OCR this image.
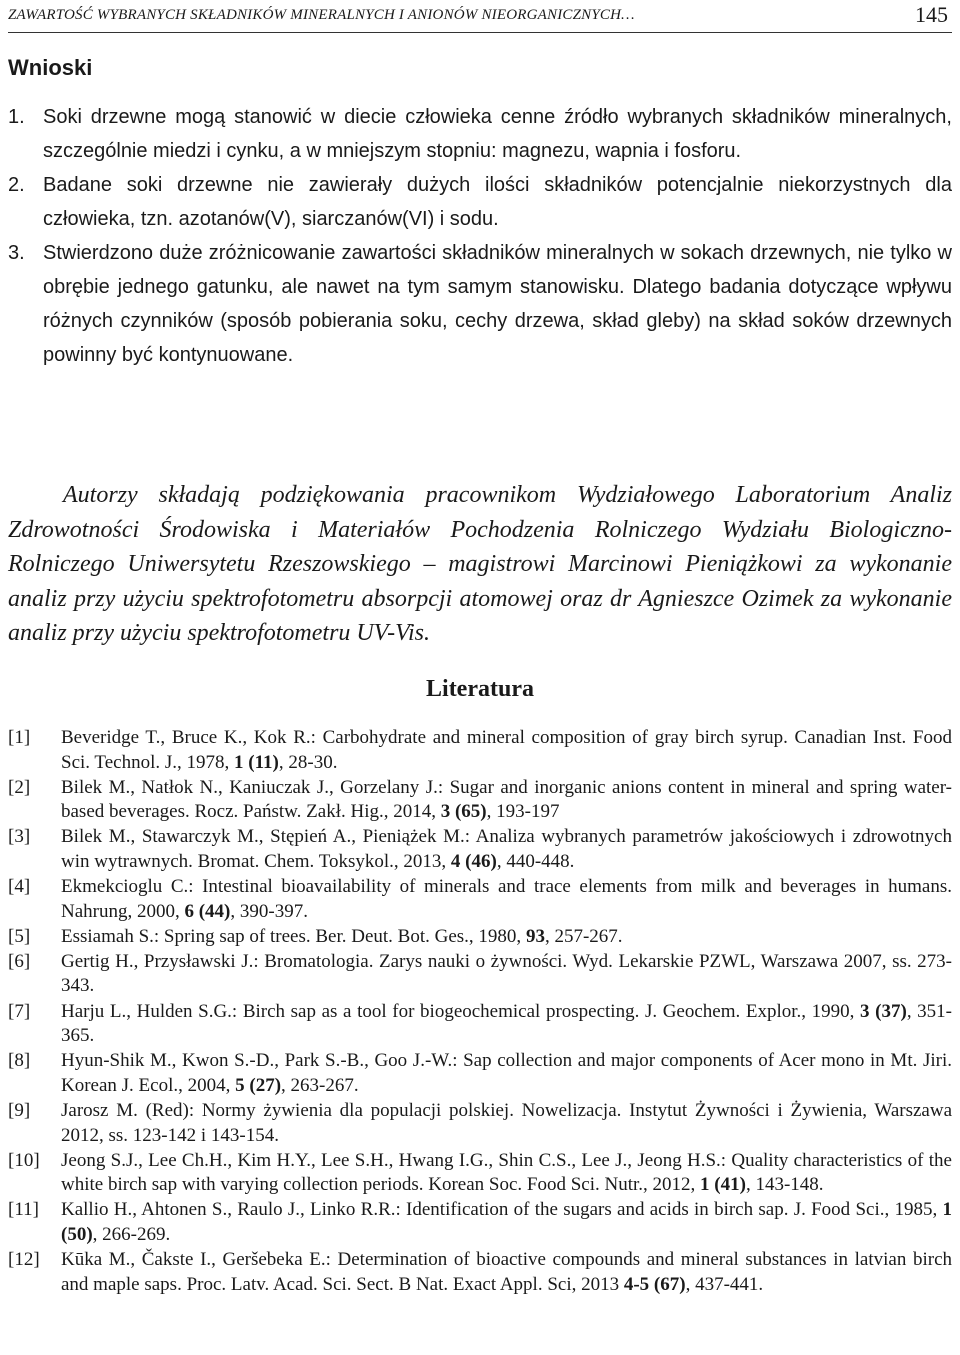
ZAWARTOŚĆ WYBRANYCH SKŁADNIKÓW MINERALNYCH I ANIONÓW NIEORGANICZNYCH…	145
Wnioski
1. Soki drzewne mogą stanowić w diecie człowieka cenne źródło wybranych składników mineralnych, szczególnie miedzi i cynku, a w mniejszym stopniu: magnezu, wapnia i fosforu.
2. Badane soki drzewne nie zawierały dużych ilości składników potencjalnie niekorzystnych dla człowieka, tzn. azotanów(V), siarczanów(VI) i sodu.
3. Stwierdzono duże zróżnicowanie zawartości składników mineralnych w sokach drzewnych, nie tylko w obrębie jednego gatunku, ale nawet na tym samym stanowisku. Dlatego badania dotyczące wpływu różnych czynników (sposób pobierania soku, cechy drzewa, skład gleby) na skład soków drzewnych powinny być kontynuowane.

Autorzy składają podziękowania pracownikom Wydziałowego Laboratorium Analiz Zdrowotności Środowiska i Materiałów Pochodzenia Rolniczego Wydziału Biologiczno-Rolniczego Uniwersytetu Rzeszowskiego – magistrowi Marcinowi Pieniążkowi za wykonanie analiz przy użyciu spektrofotometru absorpcji atomowej oraz dr Agnieszce Ozimek za wykonanie analiz przy użyciu spektrofotometru UV-Vis.

Literatura
[1] Beveridge T., Bruce K., Kok R.: Carbohydrate and mineral composition of gray birch syrup. Canadian Inst. Food Sci. Technol. J., 1978, 1 (11), 28-30.
[2] Bilek M., Natłok N., Kaniuczak J., Gorzelany J.: Sugar and inorganic anions content in mineral and spring water-based beverages. Rocz. Państw. Zakł. Hig., 2014, 3 (65), 193-197
[3] Bilek M., Stawarczyk M., Stępień A., Pieniążek M.: Analiza wybranych parametrów jakościowych i zdrowotnych win wytrawnych. Bromat. Chem. Toksykol., 2013, 4 (46), 440-448.
[4] Ekmekcioglu C.: Intestinal bioavailability of minerals and trace elements from milk and beverages in humans. Nahrung, 2000, 6 (44), 390-397.
[5] Essiamah S.: Spring sap of trees. Ber. Deut. Bot. Ges., 1980, 93, 257-267.
[6] Gertig H., Przysławski J.: Bromatologia. Zarys nauki o żywności. Wyd. Lekarskie PZWL, Warszawa 2007, ss. 273-343.
[7] Harju L., Hulden S.G.: Birch sap as a tool for biogeochemical prospecting. J. Geochem. Explor., 1990, 3 (37), 351-365.
[8] Hyun-Shik M., Kwon S.-D., Park S.-B., Goo J.-W.: Sap collection and major components of Acer mono in Mt. Jiri. Korean J. Ecol., 2004, 5 (27), 263-267.
[9] Jarosz M. (Red): Normy żywienia dla populacji polskiej. Nowelizacja. Instytut Żywności i Żywienia, Warszawa 2012, ss. 123-142 i 143-154.
[10] Jeong S.J., Lee Ch.H., Kim H.Y., Lee S.H., Hwang I.G., Shin C.S., Lee J., Jeong H.S.: Quality characteristics of the white birch sap with varying collection periods. Korean Soc. Food Sci. Nutr., 2012, 1 (41), 143-148.
[11] Kallio H., Ahtonen S., Raulo J., Linko R.R.: Identification of the sugars and acids in birch sap. J. Food Sci., 1985, 1 (50), 266-269.
[12] Kūka M., Čakste I., Geršebeka E.: Determination of bioactive compounds and mineral substances in latvian birch and maple saps. Proc. Latv. Acad. Sci. Sect. B Nat. Exact Appl. Sci, 2013 4-5 (67), 437-441.
